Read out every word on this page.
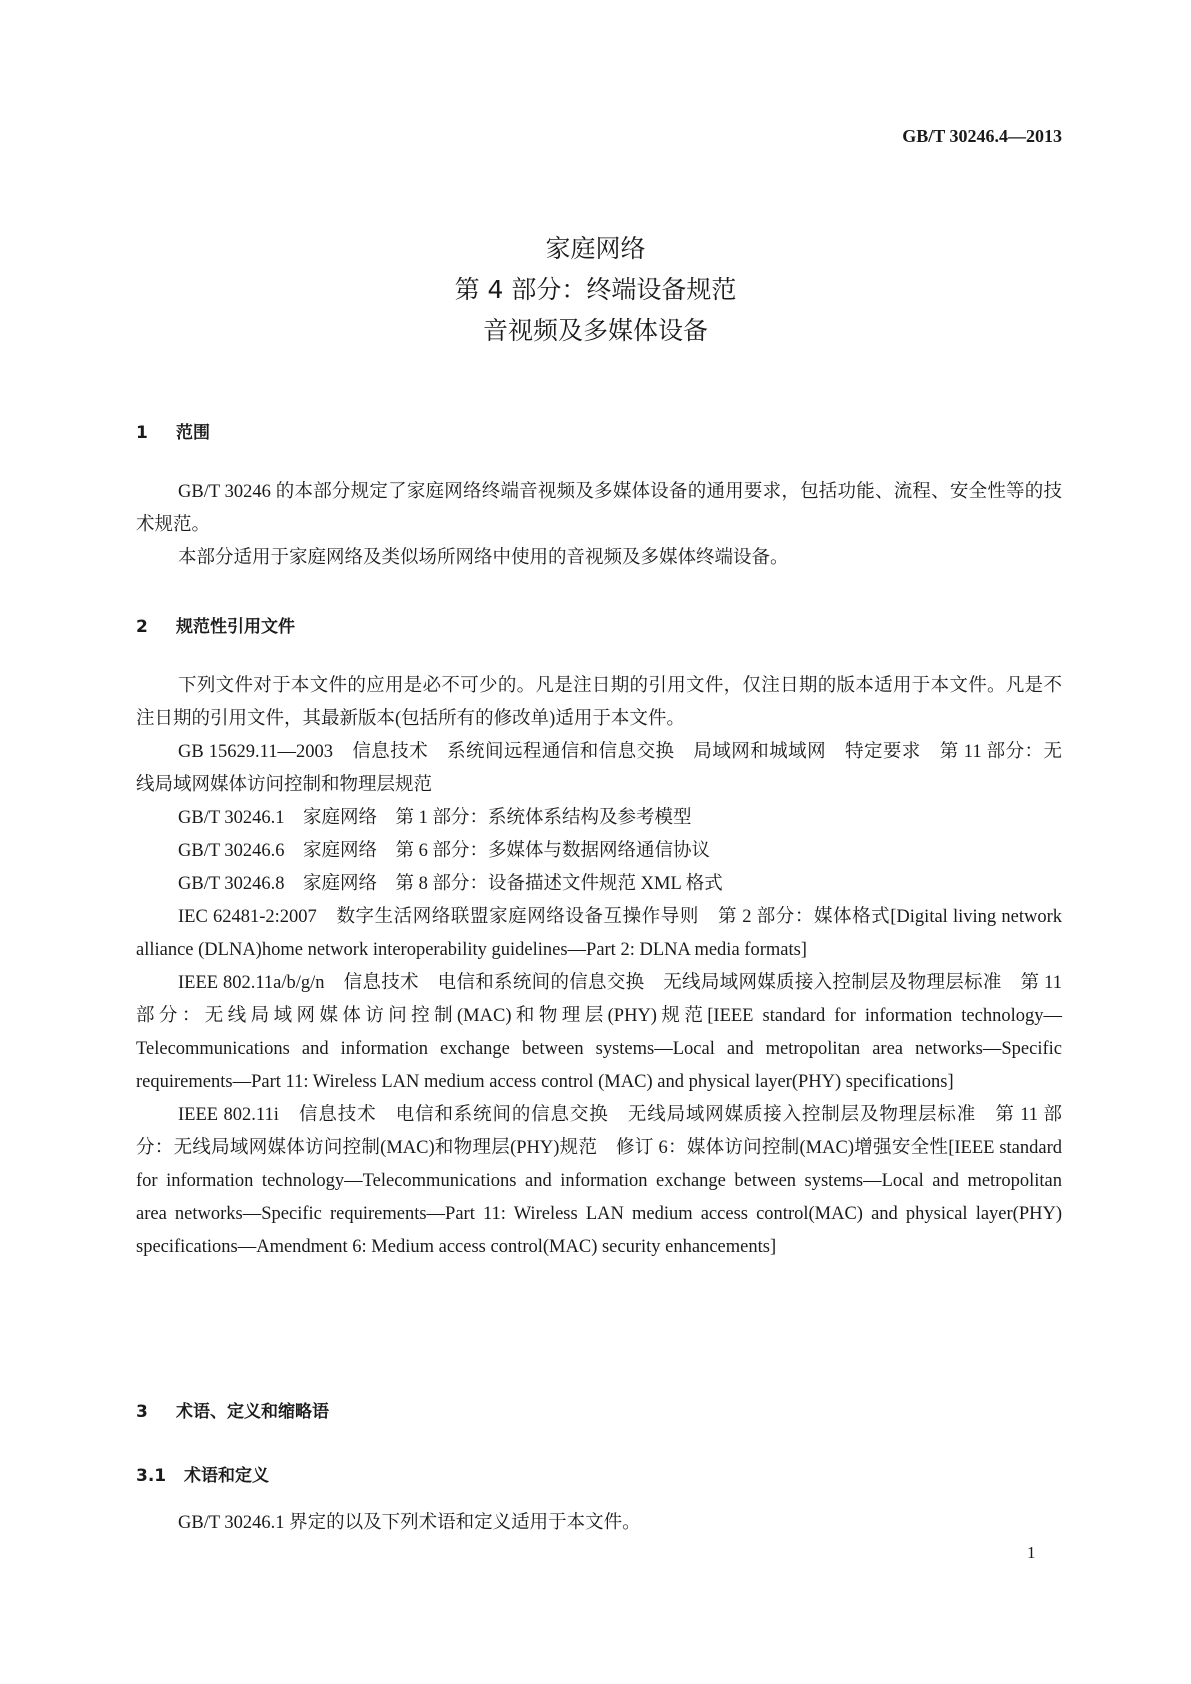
GB/T 30246.4—2013
家庭网络
第 4 部分：终端设备规范
音视频及多媒体设备
1 范围

GB/T 30246 的本部分规定了家庭网络终端音视频及多媒体设备的通用要求，包括功能、流程、安全性等的技术规范。

本部分适用于家庭网络及类似场所网络中使用的音视频及多媒体终端设备。

2 规范性引用文件

下列文件对于本文件的应用是必不可少的。凡是注日期的引用文件，仅注日期的版本适用于本文件。凡是不注日期的引用文件，其最新版本(包括所有的修改单)适用于本文件。

GB 15629.11—2003　信息技术　系统间远程通信和信息交换　局域网和城域网　特定要求　第 11 部分：无线局域网媒体访问控制和物理层规范

GB/T 30246.1　家庭网络　第 1 部分：系统体系结构及参考模型

GB/T 30246.6　家庭网络　第 6 部分：多媒体与数据网络通信协议

GB/T 30246.8　家庭网络　第 8 部分：设备描述文件规范 XML 格式

IEC 62481-2:2007　数字生活网络联盟家庭网络设备互操作导则　第 2 部分：媒体格式[Digital living network alliance (DLNA)home network interoperability guidelines—Part 2: DLNA media formats]

IEEE 802.11a/b/g/n　信息技术　电信和系统间的信息交换　无线局域网媒质接入控制层及物理层标准　第 11 部分：无线局域网媒体访问控制(MAC)和物理层(PHY)规范[IEEE standard for information technology—Telecommunications and information exchange between systems—Local and metropolitan area networks—Specific requirements—Part 11: Wireless LAN medium access control (MAC) and physical layer(PHY) specifications]

IEEE 802.11i　信息技术　电信和系统间的信息交换　无线局域网媒质接入控制层及物理层标准　第 11 部分：无线局域网媒体访问控制(MAC)和物理层(PHY)规范　修订 6：媒体访问控制(MAC)增强安全性[IEEE standard for information technology—Telecommunications and information exchange between systems—Local and metropolitan area networks—Specific requirements—Part 11: Wireless LAN medium access control(MAC) and physical layer(PHY) specifications—Amendment 6: Medium access control(MAC) security enhancements]

3 术语、定义和缩略语
3.1 术语和定义

GB/T 30246.1 界定的以及下列术语和定义适用于本文件。

1
